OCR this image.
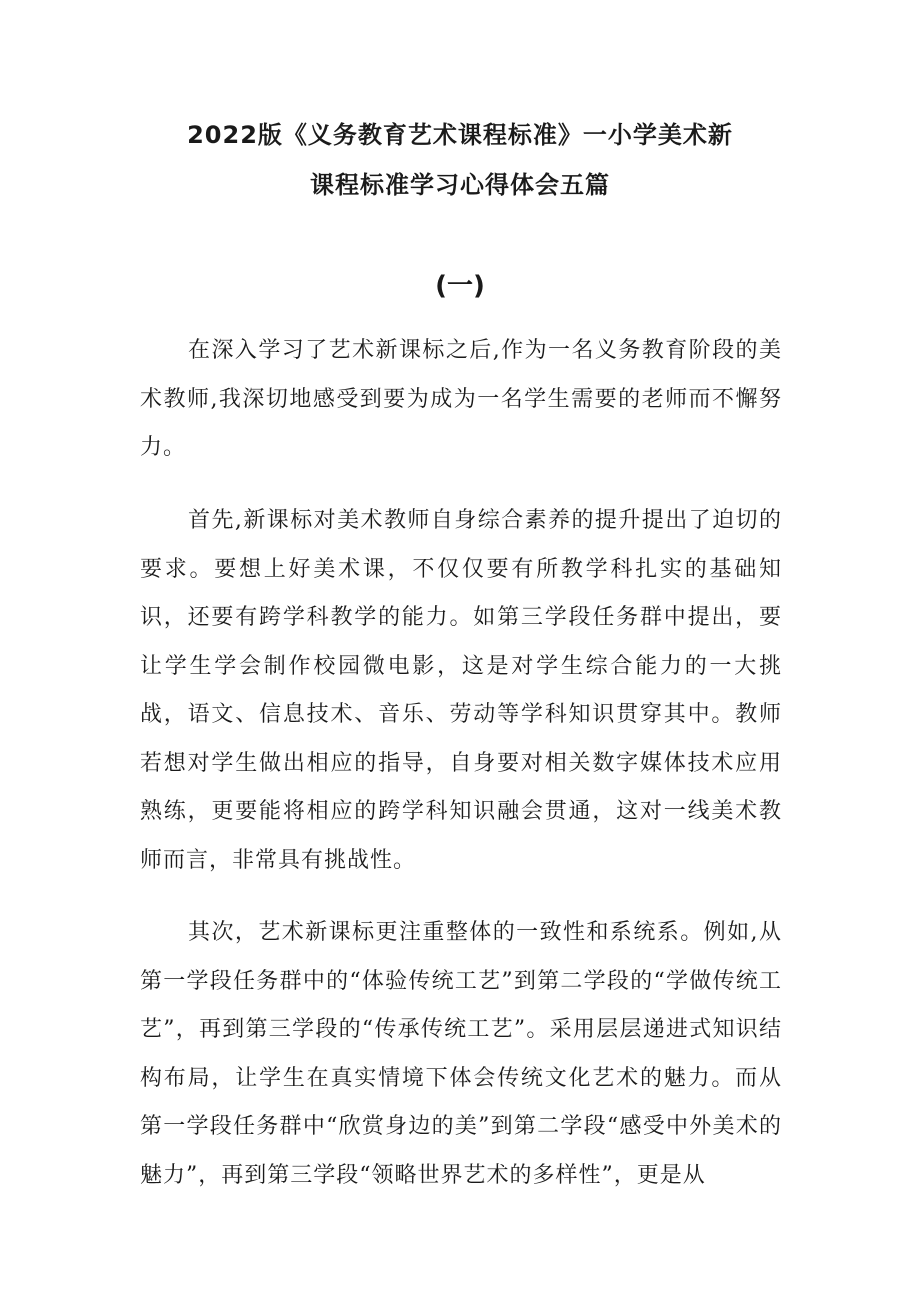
2022版《义务教育艺术课程标准》一小学美术新
课程标准学习心得体会五篇
(一)

在深入学习了艺术新课标之后,作为一名义务教育阶段的美术教师,我深切地感受到要为成为一名学生需要的老师而不懈努力。

首先,新课标对美术教师自身综合素养的提升提出了迫切的要求。要想上好美术课，不仅仅要有所教学科扎实的基础知识，还要有跨学科教学的能力。如第三学段任务群中提出，要让学生学会制作校园微电影，这是对学生综合能力的一大挑战，语文、信息技术、音乐、劳动等学科知识贯穿其中。教师若想对学生做出相应的指导，自身要对相关数字媒体技术应用熟练，更要能将相应的跨学科知识融会贯通，这对一线美术教师而言，非常具有挑战性。

其次，艺术新课标更注重整体的一致性和系统系。例如,从第一学段任务群中的“体验传统工艺”到第二学段的“学做传统工艺”，再到第三学段的“传承传统工艺”。采用层层递进式知识结构布局，让学生在真实情境下体会传统文化艺术的魅力。而从第一学段任务群中“欣赏身边的美”到第二学段“感受中外美术的魅力”，再到第三学段“领略世界艺术的多样性”，更是从
